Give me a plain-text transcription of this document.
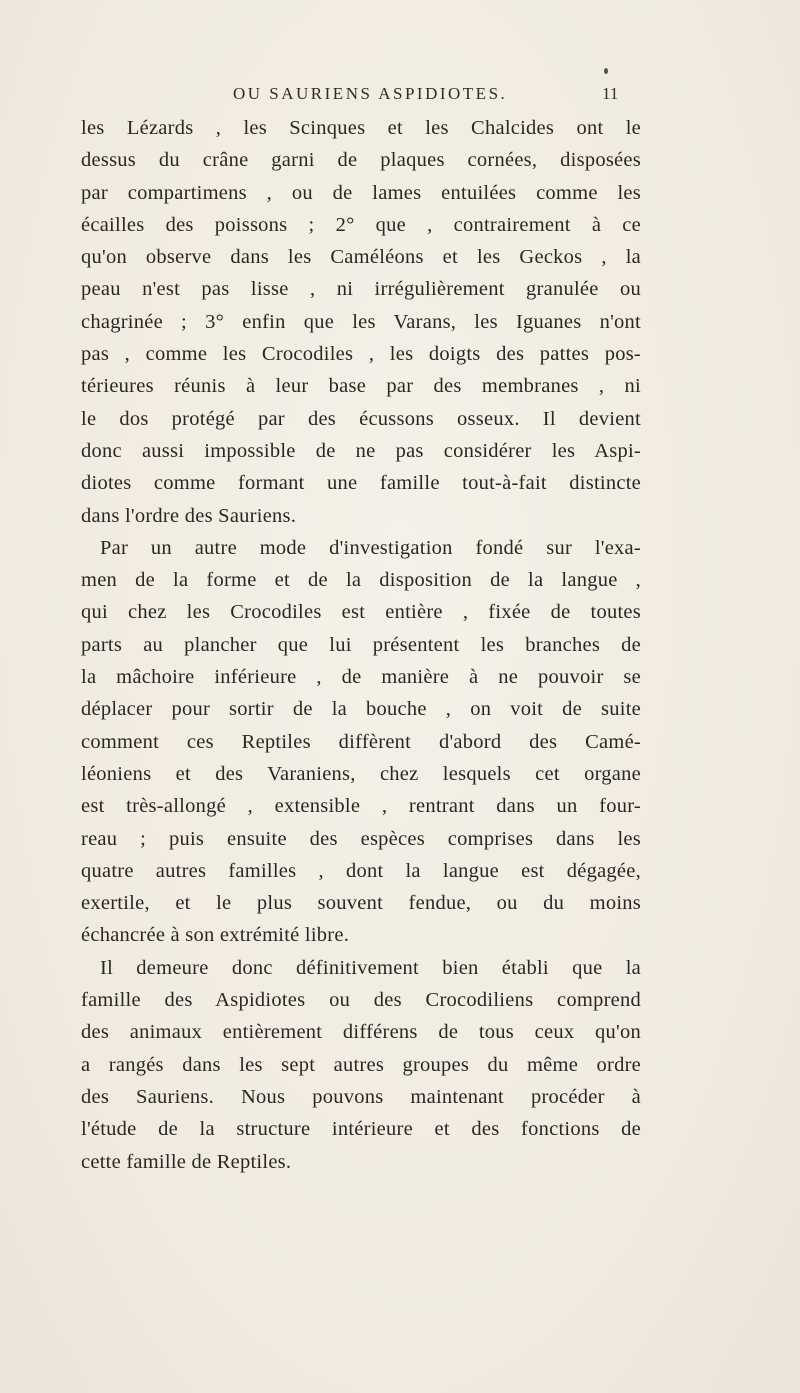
OU SAURIENS ASPIDIOTES.	11
les Lézards , les Scinques et les Chalcides ont le
dessus du crâne garni de plaques cornées, disposées
par compartimens , ou de lames entuilées comme les
écailles des poissons ; 2° que , contrairement à ce
qu'on observe dans les Caméléons et les Geckos , la
peau n'est pas lisse , ni irrégulièrement granulée ou
chagrinée ; 3° enfin que les Varans, les Iguanes n'ont
pas , comme les Crocodiles , les doigts des pattes pos-
térieures réunis à leur base par des membranes , ni
le dos protégé par des écussons osseux. Il devient
donc aussi impossible de ne pas considérer les Aspi-
diotes comme formant une famille tout-à-fait distincte
dans l'ordre des Sauriens.
Par un autre mode d'investigation fondé sur l'exa-
men de la forme et de la disposition de la langue ,
qui chez les Crocodiles est entière , fixée de toutes
parts au plancher que lui présentent les branches de
la mâchoire inférieure , de manière à ne pouvoir se
déplacer pour sortir de la bouche , on voit de suite
comment ces Reptiles diffèrent d'abord des Camé-
léoniens et des Varaniens, chez lesquels cet organe
est très-allongé , extensible , rentrant dans un four-
reau ; puis ensuite des espèces comprises dans les
quatre autres familles , dont la langue est dégagée,
exertile, et le plus souvent fendue, ou du moins
échancrée à son extrémité libre.
Il demeure donc définitivement bien établi que la
famille des Aspidiotes ou des Crocodiliens comprend
des animaux entièrement différens de tous ceux qu'on
a rangés dans les sept autres groupes du même ordre
des Sauriens. Nous pouvons maintenant procéder à
l'étude de la structure intérieure et des fonctions de
cette famille de Reptiles.
